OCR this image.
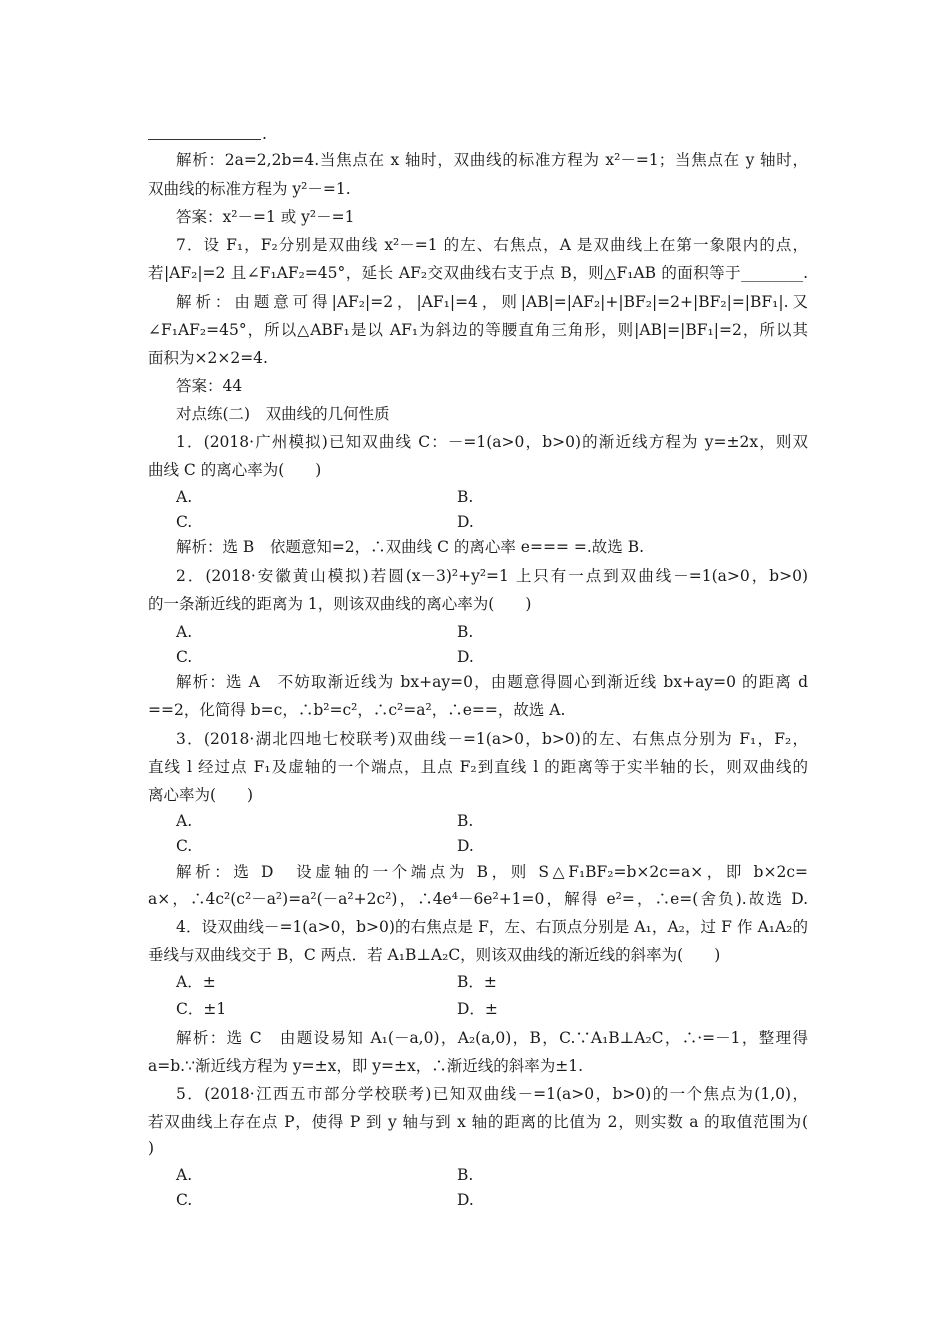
.

解析：2a=2,2b=4.当焦点在 x 轴时，双曲线的标准方程为 x²－=1；当焦点在 y 轴时，

双曲线的标准方程为 y²－=1.

答案：x²－=1 或 y²－=1

7．设 F₁，F₂分别是双曲线 x²－=1 的左、右焦点，A 是双曲线上在第一象限内的点，

若|AF₂|=2 且∠F₁AF₂=45°，延长 AF₂交双曲线右支于点 B，则△F₁AB 的面积等于________.

解析：由题意可得|AF₂|=2，|AF₁|=4，则|AB|=|AF₂|+|BF₂|=2+|BF₂|=|BF₁|.又

∠F₁AF₂=45°，所以△ABF₁是以 AF₁为斜边的等腰直角三角形，则|AB|=|BF₁|=2，所以其

面积为×2×2=4.

答案：44

对点练(二)　双曲线的几何性质

1．(2018·广州模拟)已知双曲线 C：－=1(a>0，b>0)的渐近线方程为 y=±2x，则双

曲线 C 的离心率为(　　)

A.	B.

C.	D.

解析：选 B　依题意知=2，∴双曲线 C 的离心率 e=== =.故选 B.

2．(2018·安徽黄山模拟)若圆(x－3)²+y²=1 上只有一点到双曲线－=1(a>0，b>0)

的一条渐近线的距离为 1，则该双曲线的离心率为(　　)

A.	B.

C.	D.

解析：选 A　不妨取渐近线为 bx+ay=0，由题意得圆心到渐近线 bx+ay=0 的距离 d

==2，化简得 b=c，∴b²=c²，∴c²=a²，∴e==，故选 A.

3．(2018·湖北四地七校联考)双曲线－=1(a>0，b>0)的左、右焦点分别为 F₁，F₂，

直线 l 经过点 F₁及虚轴的一个端点，且点 F₂到直线 l 的距离等于实半轴的长，则双曲线的

离心率为(　　)

A.	B.

C.	D.

解析：选 D　设虚轴的一个端点为 B，则 S△F₁BF₂=b×2c=a×，即 b×2c=

a×，∴4c²(c²－a²)=a²(－a²+2c²)，∴4e⁴－6e²+1=0，解得 e²=，∴e=(舍负).故选 D.

4．设双曲线－=1(a>0，b>0)的右焦点是 F，左、右顶点分别是 A₁，A₂，过 F 作 A₁A₂的

垂线与双曲线交于 B，C 两点．若 A₁B⊥A₂C，则该双曲线的渐近线的斜率为(　　)

A．±	B．±

C．±1	D．±

解析：选 C　由题设易知 A₁(－a,0)，A₂(a,0)，B，C.∵A₁B⊥A₂C，∴·=－1，整理得

a=b.∵渐近线方程为 y=±x，即 y=±x，∴渐近线的斜率为±1.

5．(2018·江西五市部分学校联考)已知双曲线－=1(a>0，b>0)的一个焦点为(1,0)，

若双曲线上存在点 P，使得 P 到 y 轴与到 x 轴的距离的比值为 2，则实数 a 的取值范围为(

)

A.	B.

C.	D.
